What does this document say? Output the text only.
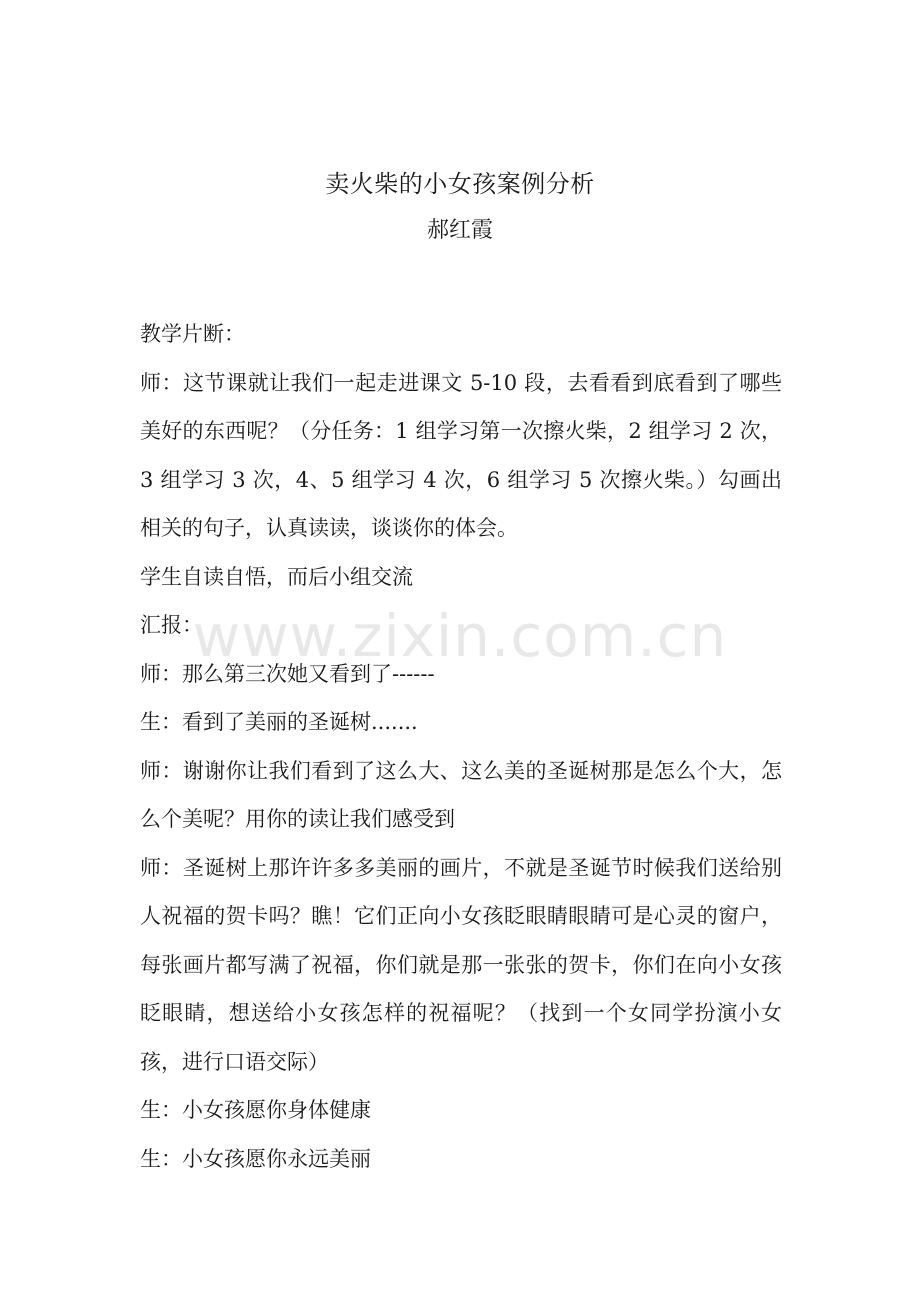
卖火柴的小女孩案例分析
郝红霞

教学片断：

师：这节课就让我们一起走进课文 5-10 段，去看看到底看到了哪些美好的东西呢？（分任务：1 组学习第一次擦火柴，2 组学习 2 次，3 组学习 3 次，4、5 组学习 4 次，6 组学习 5 次擦火柴。）勾画出相关的句子，认真读读，谈谈你的体会。

学生自读自悟，而后小组交流

汇报：

师：那么第三次她又看到了------

生：看到了美丽的圣诞树.......

师：谢谢你让我们看到了这么大、这么美的圣诞树那是怎么个大，怎么个美呢？用你的读让我们感受到

师：圣诞树上那许许多多美丽的画片，不就是圣诞节时候我们送给别人祝福的贺卡吗？瞧！它们正向小女孩眨眼睛眼睛可是心灵的窗户，每张画片都写满了祝福，你们就是那一张张的贺卡，你们在向小女孩眨眼睛，想送给小女孩怎样的祝福呢？（找到一个女同学扮演小女孩，进行口语交际）

生：小女孩愿你身体健康

生：小女孩愿你永远美丽

www.zixin.com.cn
